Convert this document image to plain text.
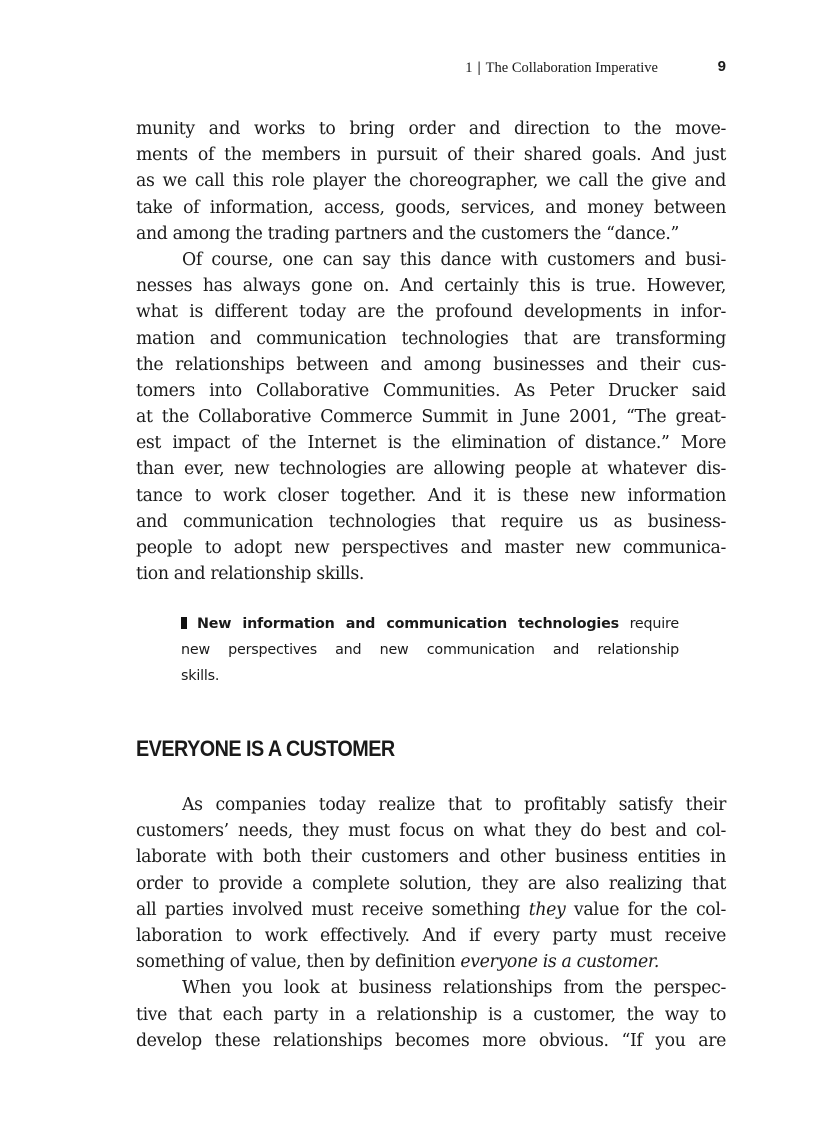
1 | The Collaboration Imperative	9
munity and works to bring order and direction to the move-
ments of the members in pursuit of their shared goals. And just
as we call this role player the choreographer, we call the give and
take of information, access, goods, services, and money between
and among the trading partners and the customers the “dance.”
Of course, one can say this dance with customers and busi-
nesses has always gone on. And certainly this is true. However,
what is different today are the profound developments in infor-
mation and communication technologies that are transforming
the relationships between and among businesses and their cus-
tomers into Collaborative Communities. As Peter Drucker said
at the Collaborative Commerce Summit in June 2001, “The great-
est impact of the Internet is the elimination of distance.” More
than ever, new technologies are allowing people at whatever dis-
tance to work closer together. And it is these new information
and communication technologies that require us as business-
people to adopt new perspectives and master new communica-
tion and relationship skills.
New information and communication technologies require
new perspectives and new communication and relationship
skills.
EVERYONE IS A CUSTOMER
As companies today realize that to profitably satisfy their
customers’ needs, they must focus on what they do best and col-
laborate with both their customers and other business entities in
order to provide a complete solution, they are also realizing that
all parties involved must receive something they value for the col-
laboration to work effectively. And if every party must receive
something of value, then by definition everyone is a customer.
When you look at business relationships from the perspec-
tive that each party in a relationship is a customer, the way to
develop these relationships becomes more obvious. “If you are
